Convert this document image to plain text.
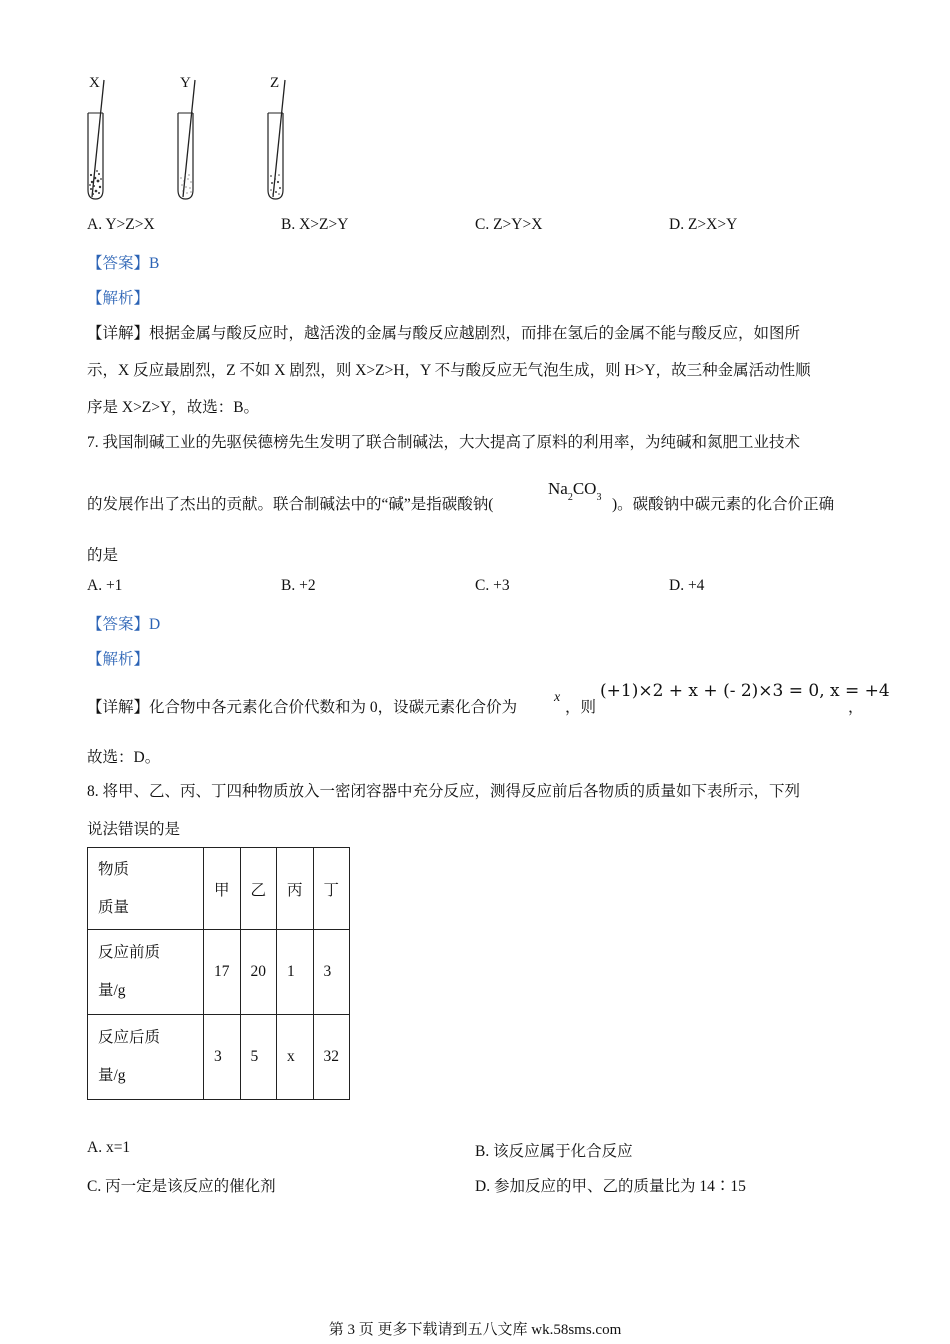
X	Y	Z
A. Y>Z>X	B. X>Z>Y	C. Z>Y>X	D. Z>X>Y
【答案】B
【解析】
【详解】根据金属与酸反应时，越活泼的金属与酸反应越剧烈，而排在氢后的金属不能与酸反应，如图所
示，X 反应最剧烈，Z 不如 X 剧烈，则 X>Z>H，Y 不与酸反应无气泡生成，则 H>Y，故三种金属活动性顺
序是 X>Z>Y，故选：B。
7. 我国制碱工业的先驱侯德榜先生发明了联合制碱法，大大提高了原料的利用率，为纯碱和氮肥工业技术
的发展作出了杰出的贡献。联合制碱法中的“碱”是指碳酸钠(
$Na_2CO_3$ )。碳酸钠中碳元素的化合价正确
的是
A. +1	B. +2	C. +3	D. +4
【答案】D
【解析】
【详解】化合物中各元素化合价代数和为 0，设碳元素化合价为
x
，则
(+1)×2 + x + (- 2)×3 = 0, x = +4
，
故选：D。
8. 将甲、乙、丙、丁四种物质放入一密闭容器中充分反应，测得反应前后各物质的质量如下表所示，下列
说法错误的是
物质
质量	甲	乙	丙	丁

反应前质
量/g	17	20	1	3

反应后质
量/g	3	5	x	32
A. x=1	B. 该反应属于化合反应
C. 丙一定是该反应的催化剂	D. 参加反应的甲、乙的质量比为 14∶15
第 3 页 更多下载请到五八文库 wk.58sms.com
